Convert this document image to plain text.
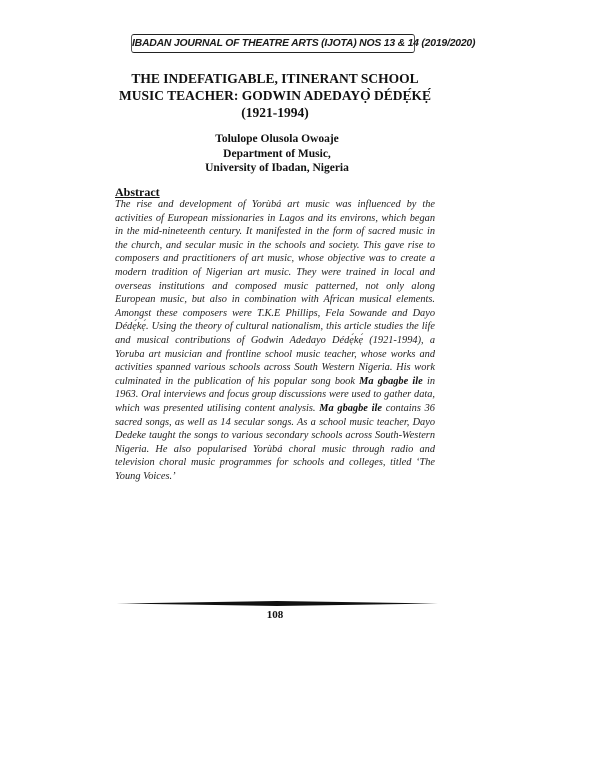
IBADAN JOURNAL OF THEATRE ARTS (IJOTA) NOS 13 & 14 (2019/2020)
THE INDEFATIGABLE, ITINERANT SCHOOL
MUSIC TEACHER: GODWIN ADEDAYỌ̀ DÉDẸ́KẸ́
(1921-1994)
Tolulope Olusola Owoaje
Department of Music,
University of Ibadan, Nigeria
Abstract
The rise and development of Yorùbá art music was influenced by the activities of European missionaries in Lagos and its environs, which began in the mid-nineteenth century. It manifested in the form of sacred music in the church, and secular music in the schools and society. This gave rise to composers and practitioners of art music, whose objective was to create a modern tradition of Nigerian art music. They were trained in local and overseas institutions and composed music patterned, not only along European music, but also in combination with African musical elements. Amongst these composers were T.K.E Phillips, Fela Sowande and Dayo Dédẹ́kẹ́. Using the theory of cultural nationalism, this article studies the life and musical contributions of Godwin Adedayo Dédẹ́kẹ́ (1921-1994), a Yoruba art musician and frontline school music teacher, whose works and activities spanned various schools across South Western Nigeria. His work culminated in the publication of his popular song book Ma gbagbe ile in 1963. Oral interviews and focus group discussions were used to gather data, which was presented utilising content analysis. Ma gbagbe ile contains 36 sacred songs, as well as 14 secular songs. As a school music teacher, Dayo Dedeke taught the songs to various secondary schools across South-Western Nigeria. He also popularised Yorùbá choral music through radio and television choral music programmes for schools and colleges, titled ‘The Young Voices.’
108
